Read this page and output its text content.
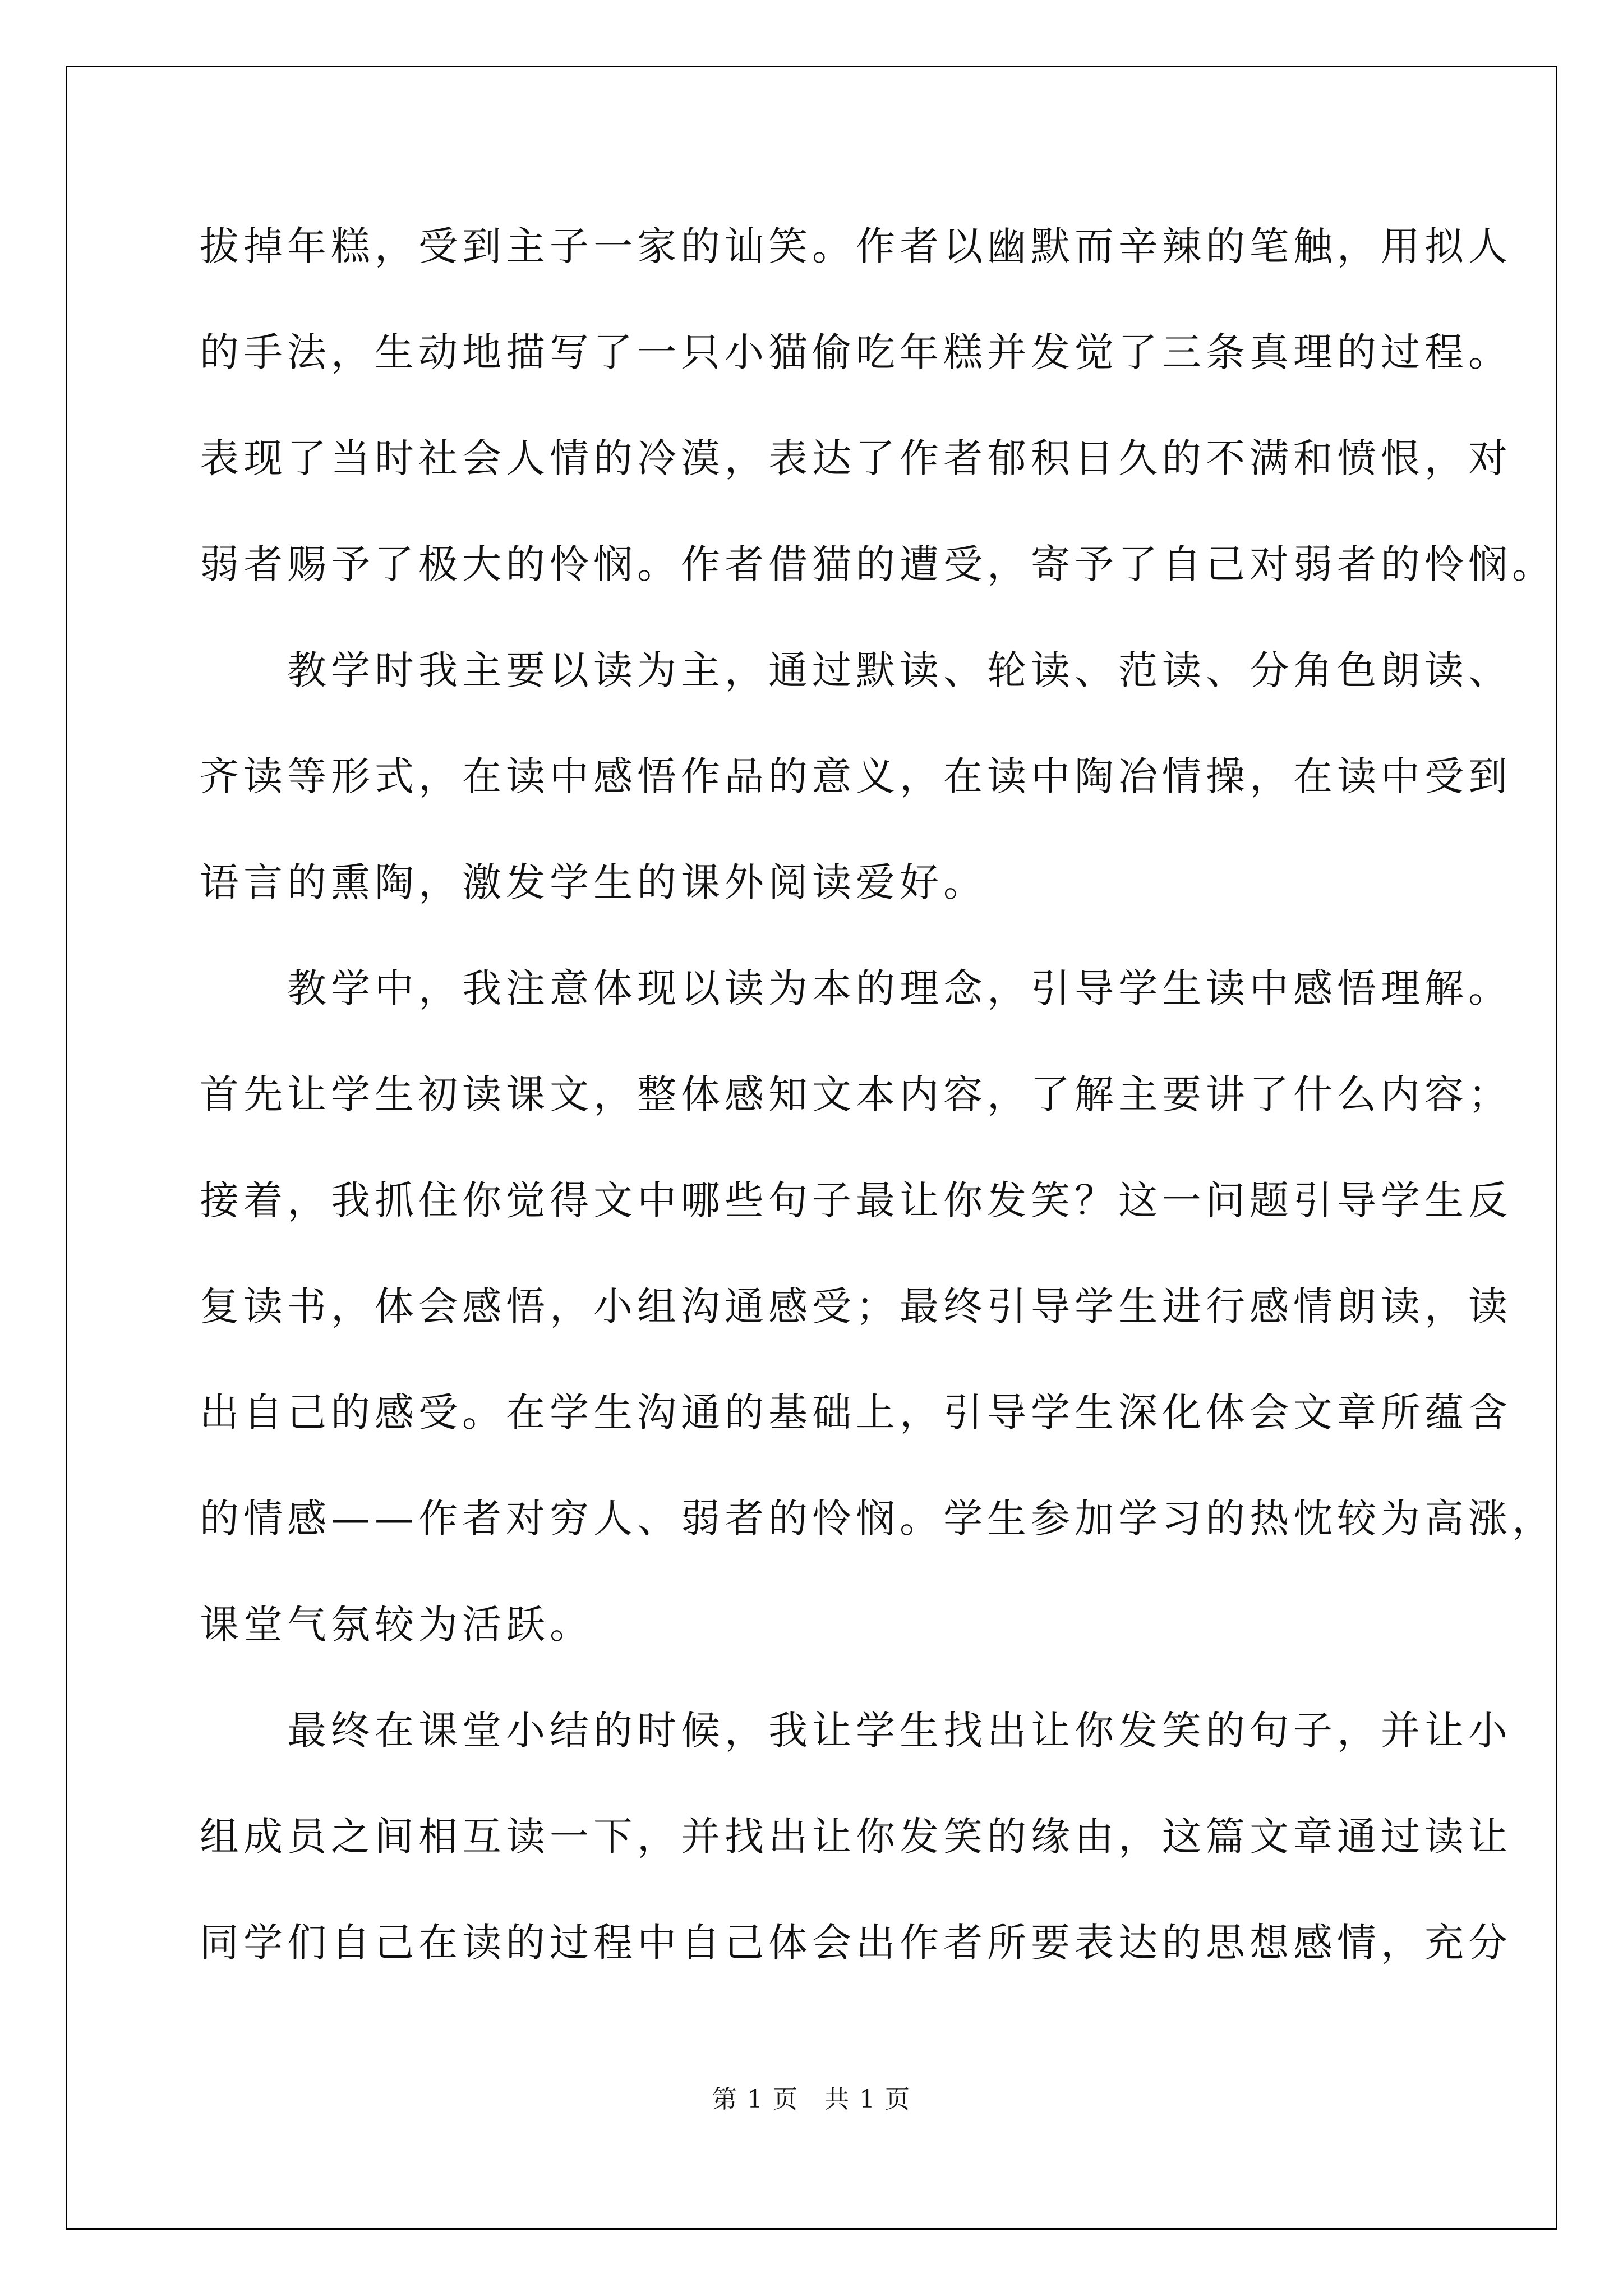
拔掉年糕，受到主子一家的讪笑。作者以幽默而辛辣的笔触，用拟人
的手法，生动地描写了一只小猫偷吃年糕并发觉了三条真理的过程。
表现了当时社会人情的冷漠，表达了作者郁积日久的不满和愤恨，对
弱者赐予了极大的怜悯。作者借猫的遭受，寄予了自己对弱者的怜悯。
　　教学时我主要以读为主，通过默读、轮读、范读、分角色朗读、
齐读等形式，在读中感悟作品的意义，在读中陶冶情操，在读中受到
语言的熏陶，激发学生的课外阅读爱好。
　　教学中，我注意体现以读为本的理念，引导学生读中感悟理解。
首先让学生初读课文，整体感知文本内容，了解主要讲了什么内容；
接着，我抓住你觉得文中哪些句子最让你发笑？这一问题引导学生反
复读书，体会感悟，小组沟通感受；最终引导学生进行感情朗读，读
出自己的感受。在学生沟通的基础上，引导学生深化体会文章所蕴含
的情感——作者对穷人、弱者的怜悯。学生参加学习的热忱较为高涨，
课堂气氛较为活跃。
　　最终在课堂小结的时候，我让学生找出让你发笑的句子，并让小
组成员之间相互读一下，并找出让你发笑的缘由，这篇文章通过读让
同学们自己在读的过程中自己体会出作者所要表达的思想感情，充分
第 1 页　共 1 页
